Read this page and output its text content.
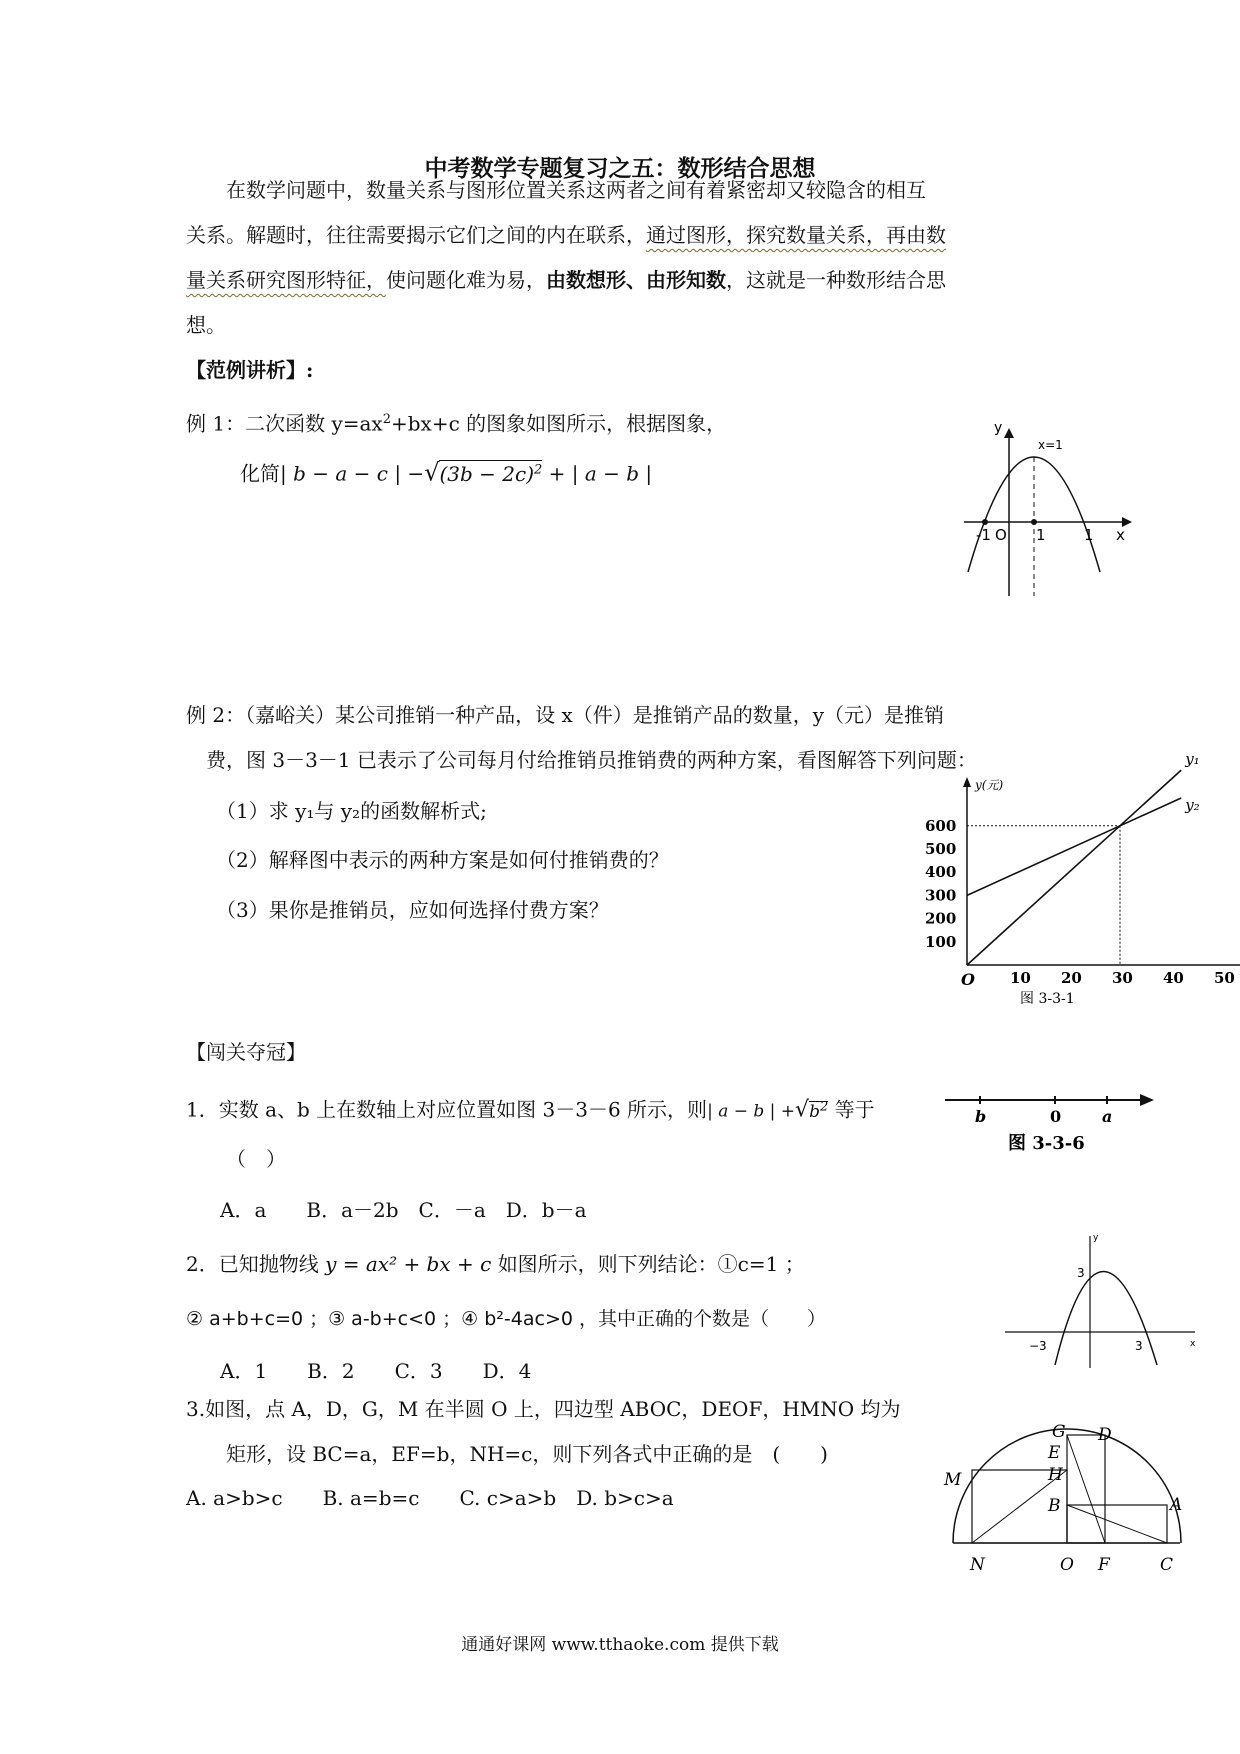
中考数学专题复习之五：数形结合思想
在数学问题中，数量关系与图形位置关系这两者之间有着紧密却又较隐含的相互
关系。解题时，往往需要揭示它们之间的内在联系，通过图形，探究数量关系，再由数
量关系研究图形特征，使问题化难为易，由数想形、由形知数，这就是一种数形结合思
想。
【范例讲析】:
例 1：二次函数 $y=ax^2+bx+c$ 的图象如图所示，根据图象，
化简| b − a − c | $-√(3b - 2c)^2$ + | a − b |
y
x
x=1
-1 O 1	1
例 2：（嘉峪关）某公司推销一种产品，设 x（件）是推销产品的数量，y（元）是推销
费，图 3－3－1 已表示了公司每月付给推销员推销费的两种方案，看图解答下列问题：
（1）求 y₁与 y₂的函数解析式;
（2）解释图中表示的两种方案是如何付推销费的？
（3）果你是推销员，应如何选择付费方案？
10 20 30 40 50
100
200
300
400
500
600
O
y(元)
y₁
y₂
图 3-3-1
【闯关夺冠】
1．实数 a、b 上在数轴上对应位置如图 3－3－6 所示，则| a − b | $+√b^2$ 等于
（　）
A．a　　B．a－2b　C．－a　D．b－a
b	0	a
图 3-3-6
2．已知抛物线 y = ax² + bx + c 如图所示，则下列结论：①c=1 ；
② a+b+c=0 ；③ a-b+c<0 ；④ b²-4ac>0 ，其中正确的个数是（　　）
A．1　　B．2　　C．3　　D．4
y
x
3
−3	3
3.如图，点 A，D，G，M 在半圆 O 上，四边型 ABOC，DEOF，HMNO 均为
矩形，设 BC=a，EF=b，NH=c，则下列各式中正确的是　(　　)
A. a>b>c　　B. a=b=c　　C. c>a>b　D. b>c>a
G D
E
H
M
B	A
N	O F	C
通通好课网 www.tthaoke.com 提供下载
